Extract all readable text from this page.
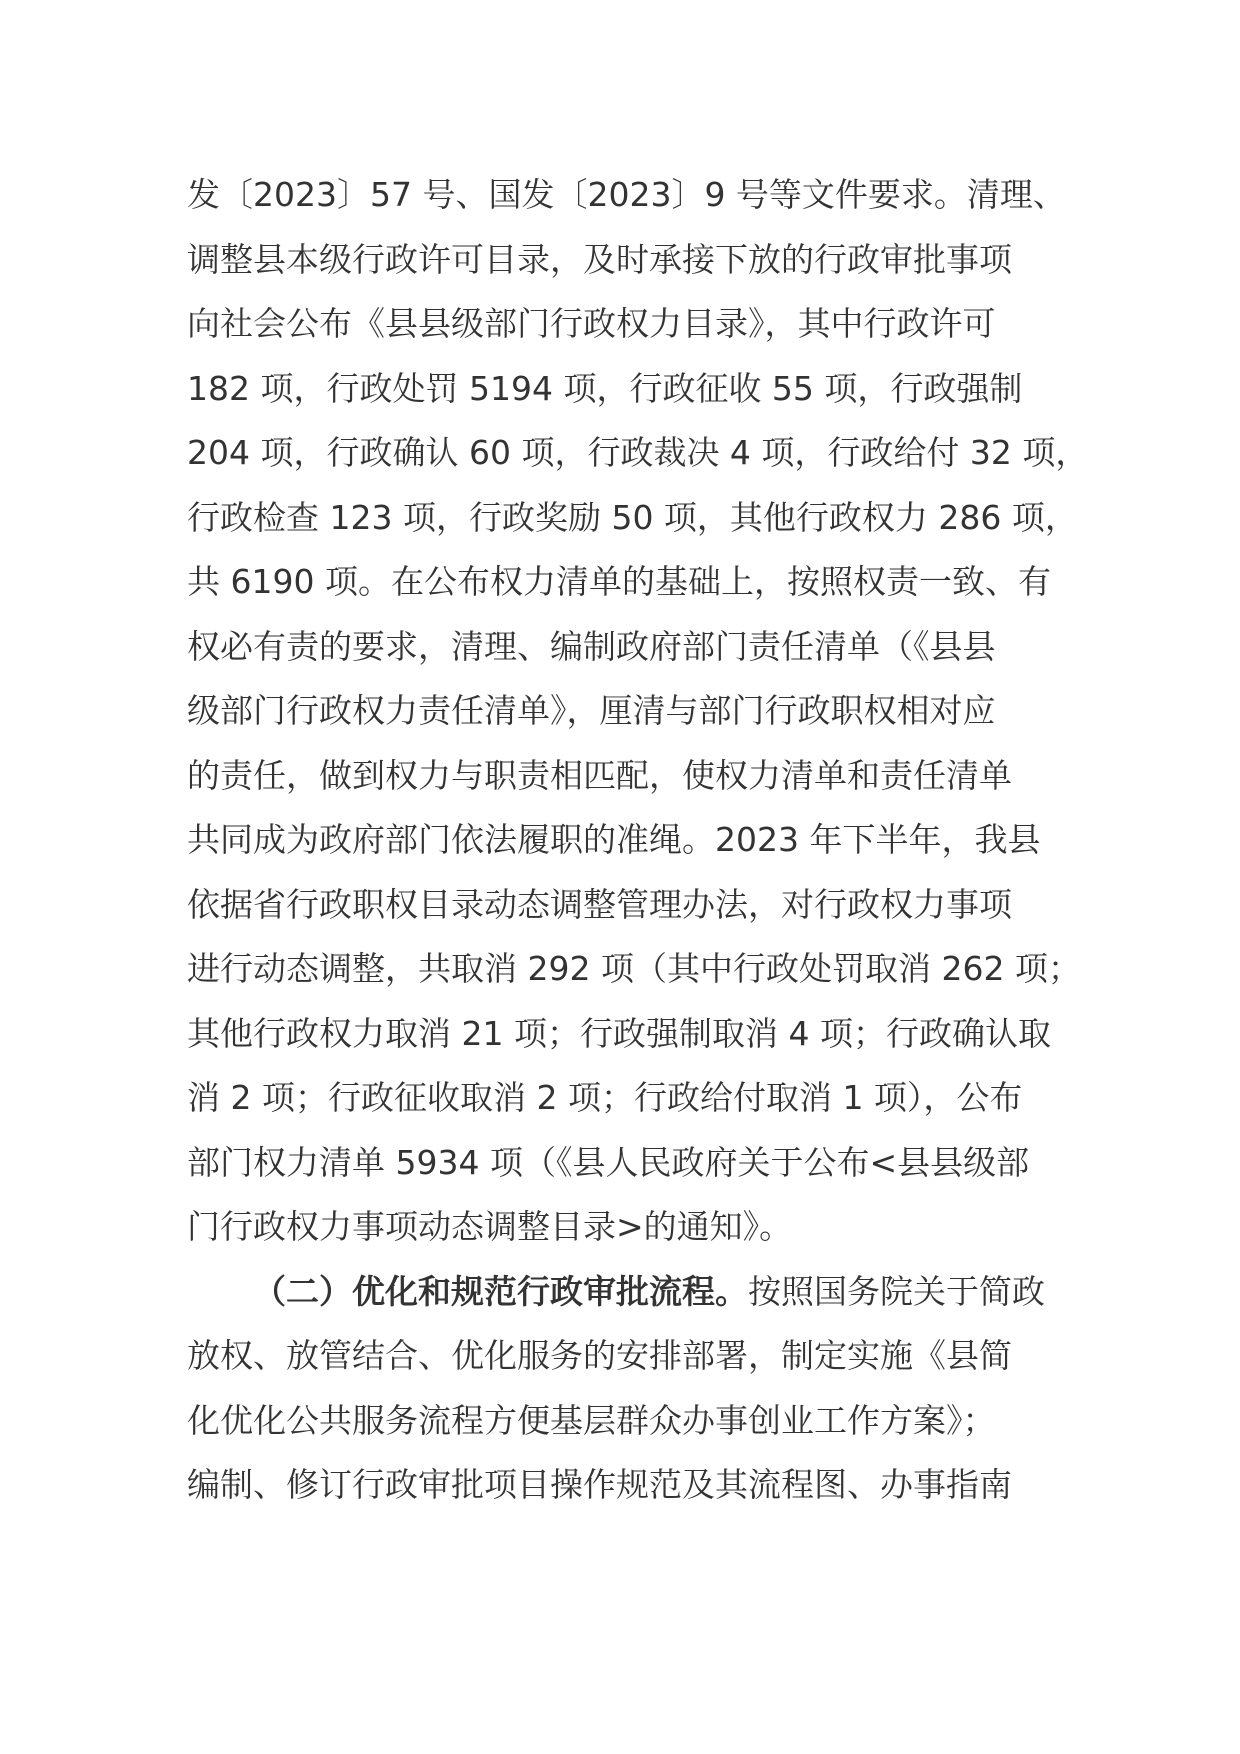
发〔2023〕57 号、国发〔2023〕9 号等文件要求。清理、
调整县本级行政许可目录，及时承接下放的行政审批事项
向社会公布《县县级部门行政权力目录》，其中行政许可
182 项，行政处罚 5194 项，行政征收 55 项，行政强制
204 项，行政确认 60 项，行政裁决 4 项，行政给付 32 项，
行政检查 123 项，行政奖励 50 项，其他行政权力 286 项，
共 6190 项。在公布权力清单的基础上，按照权责一致、有
权必有责的要求，清理、编制政府部门责任清单（《县县
级部门行政权力责任清单》，厘清与部门行政职权相对应
的责任，做到权力与职责相匹配，使权力清单和责任清单
共同成为政府部门依法履职的准绳。2023 年下半年，我县
依据省行政职权目录动态调整管理办法，对行政权力事项
进行动态调整，共取消 292 项（其中行政处罚取消 262 项；
其他行政权力取消 21 项；行政强制取消 4 项；行政确认取
消 2 项；行政征收取消 2 项；行政给付取消 1 项），公布
部门权力清单 5934 项（《县人民政府关于公布<县县级部
门行政权力事项动态调整目录>的通知》。
（二）优化和规范行政审批流程。按照国务院关于简政
放权、放管结合、优化服务的安排部署，制定实施《县简
化优化公共服务流程方便基层群众办事创业工作方案》；
编制、修订行政审批项目操作规范及其流程图、办事指南
